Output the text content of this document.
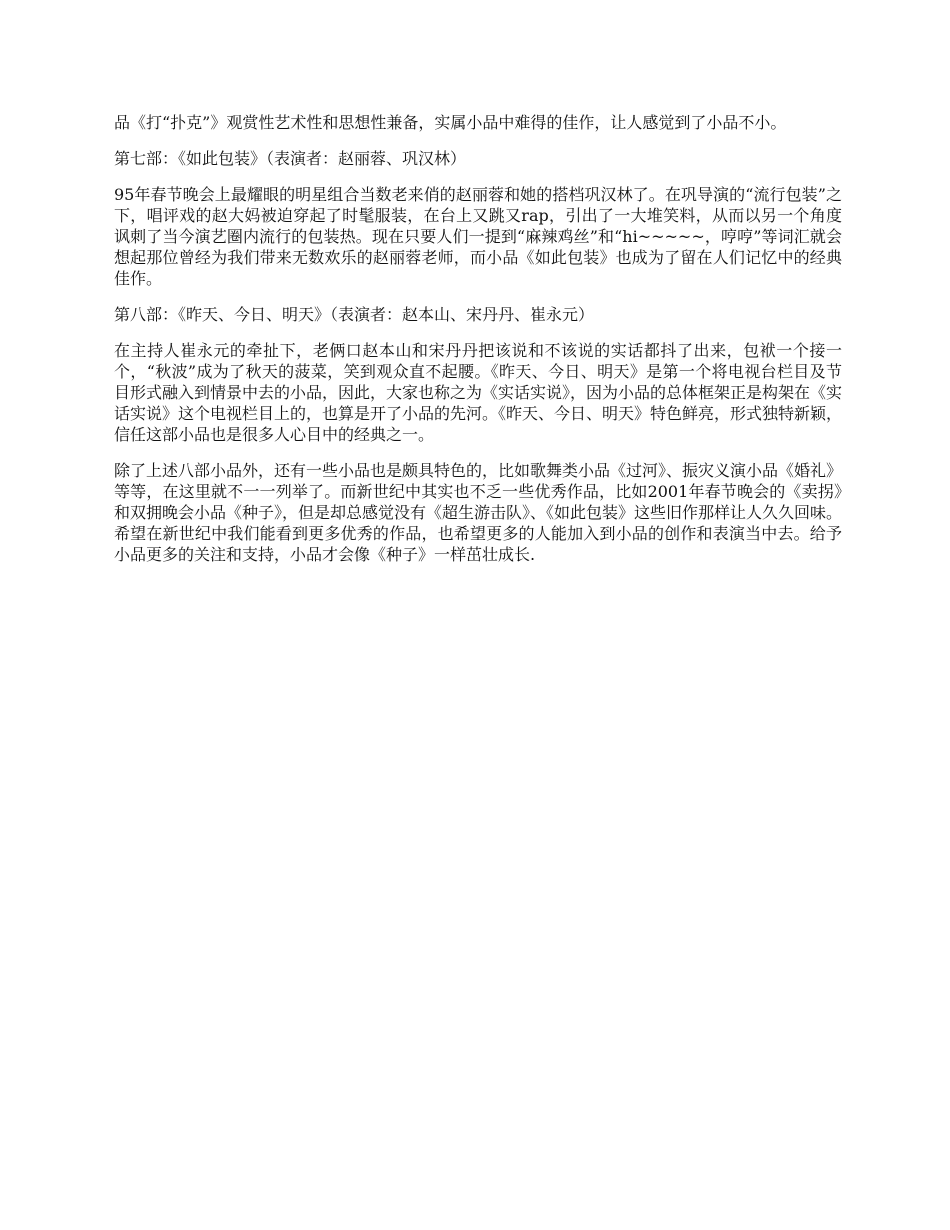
品《打“扑克”》观赏性艺术性和思想性兼备，实属小品中难得的佳作，让人感觉到了小品不小。

第七部：《如此包装》（表演者：赵丽蓉、巩汉林）

95年春节晚会上最耀眼的明星组合当数老来俏的赵丽蓉和她的搭档巩汉林了。在巩导演的“流行包装”之下，唱评戏的赵大妈被迫穿起了时髦服装，在台上又跳又rap，引出了一大堆笑料，从而以另一个角度讽刺了当今演艺圈内流行的包装热。现在只要人们一提到“麻辣鸡丝”和“hi~~~~~，哼哼”等词汇就会想起那位曾经为我们带来无数欢乐的赵丽蓉老师，而小品《如此包装》也成为了留在人们记忆中的经典佳作。

第八部：《昨天、今日、明天》（表演者：赵本山、宋丹丹、崔永元）

在主持人崔永元的牵扯下，老俩口赵本山和宋丹丹把该说和不该说的实话都抖了出来，包袱一个接一个，“秋波”成为了秋天的菠菜，笑到观众直不起腰。《昨天、今日、明天》是第一个将电视台栏目及节目形式融入到情景中去的小品，因此，大家也称之为《实话实说》，因为小品的总体框架正是构架在《实话实说》这个电视栏目上的，也算是开了小品的先河。《昨天、今日、明天》特色鲜亮，形式独特新颖，信任这部小品也是很多人心目中的经典之一。

除了上述八部小品外，还有一些小品也是颇具特色的，比如歌舞类小品《过河》、振灾义演小品《婚礼》等等，在这里就不一一列举了。而新世纪中其实也不乏一些优秀作品，比如2001年春节晚会的《卖拐》和双拥晚会小品《种子》，但是却总感觉没有《超生游击队》、《如此包装》这些旧作那样让人久久回味。希望在新世纪中我们能看到更多优秀的作品，也希望更多的人能加入到小品的创作和表演当中去。给予小品更多的关注和支持，小品才会像《种子》一样茁壮成长.
